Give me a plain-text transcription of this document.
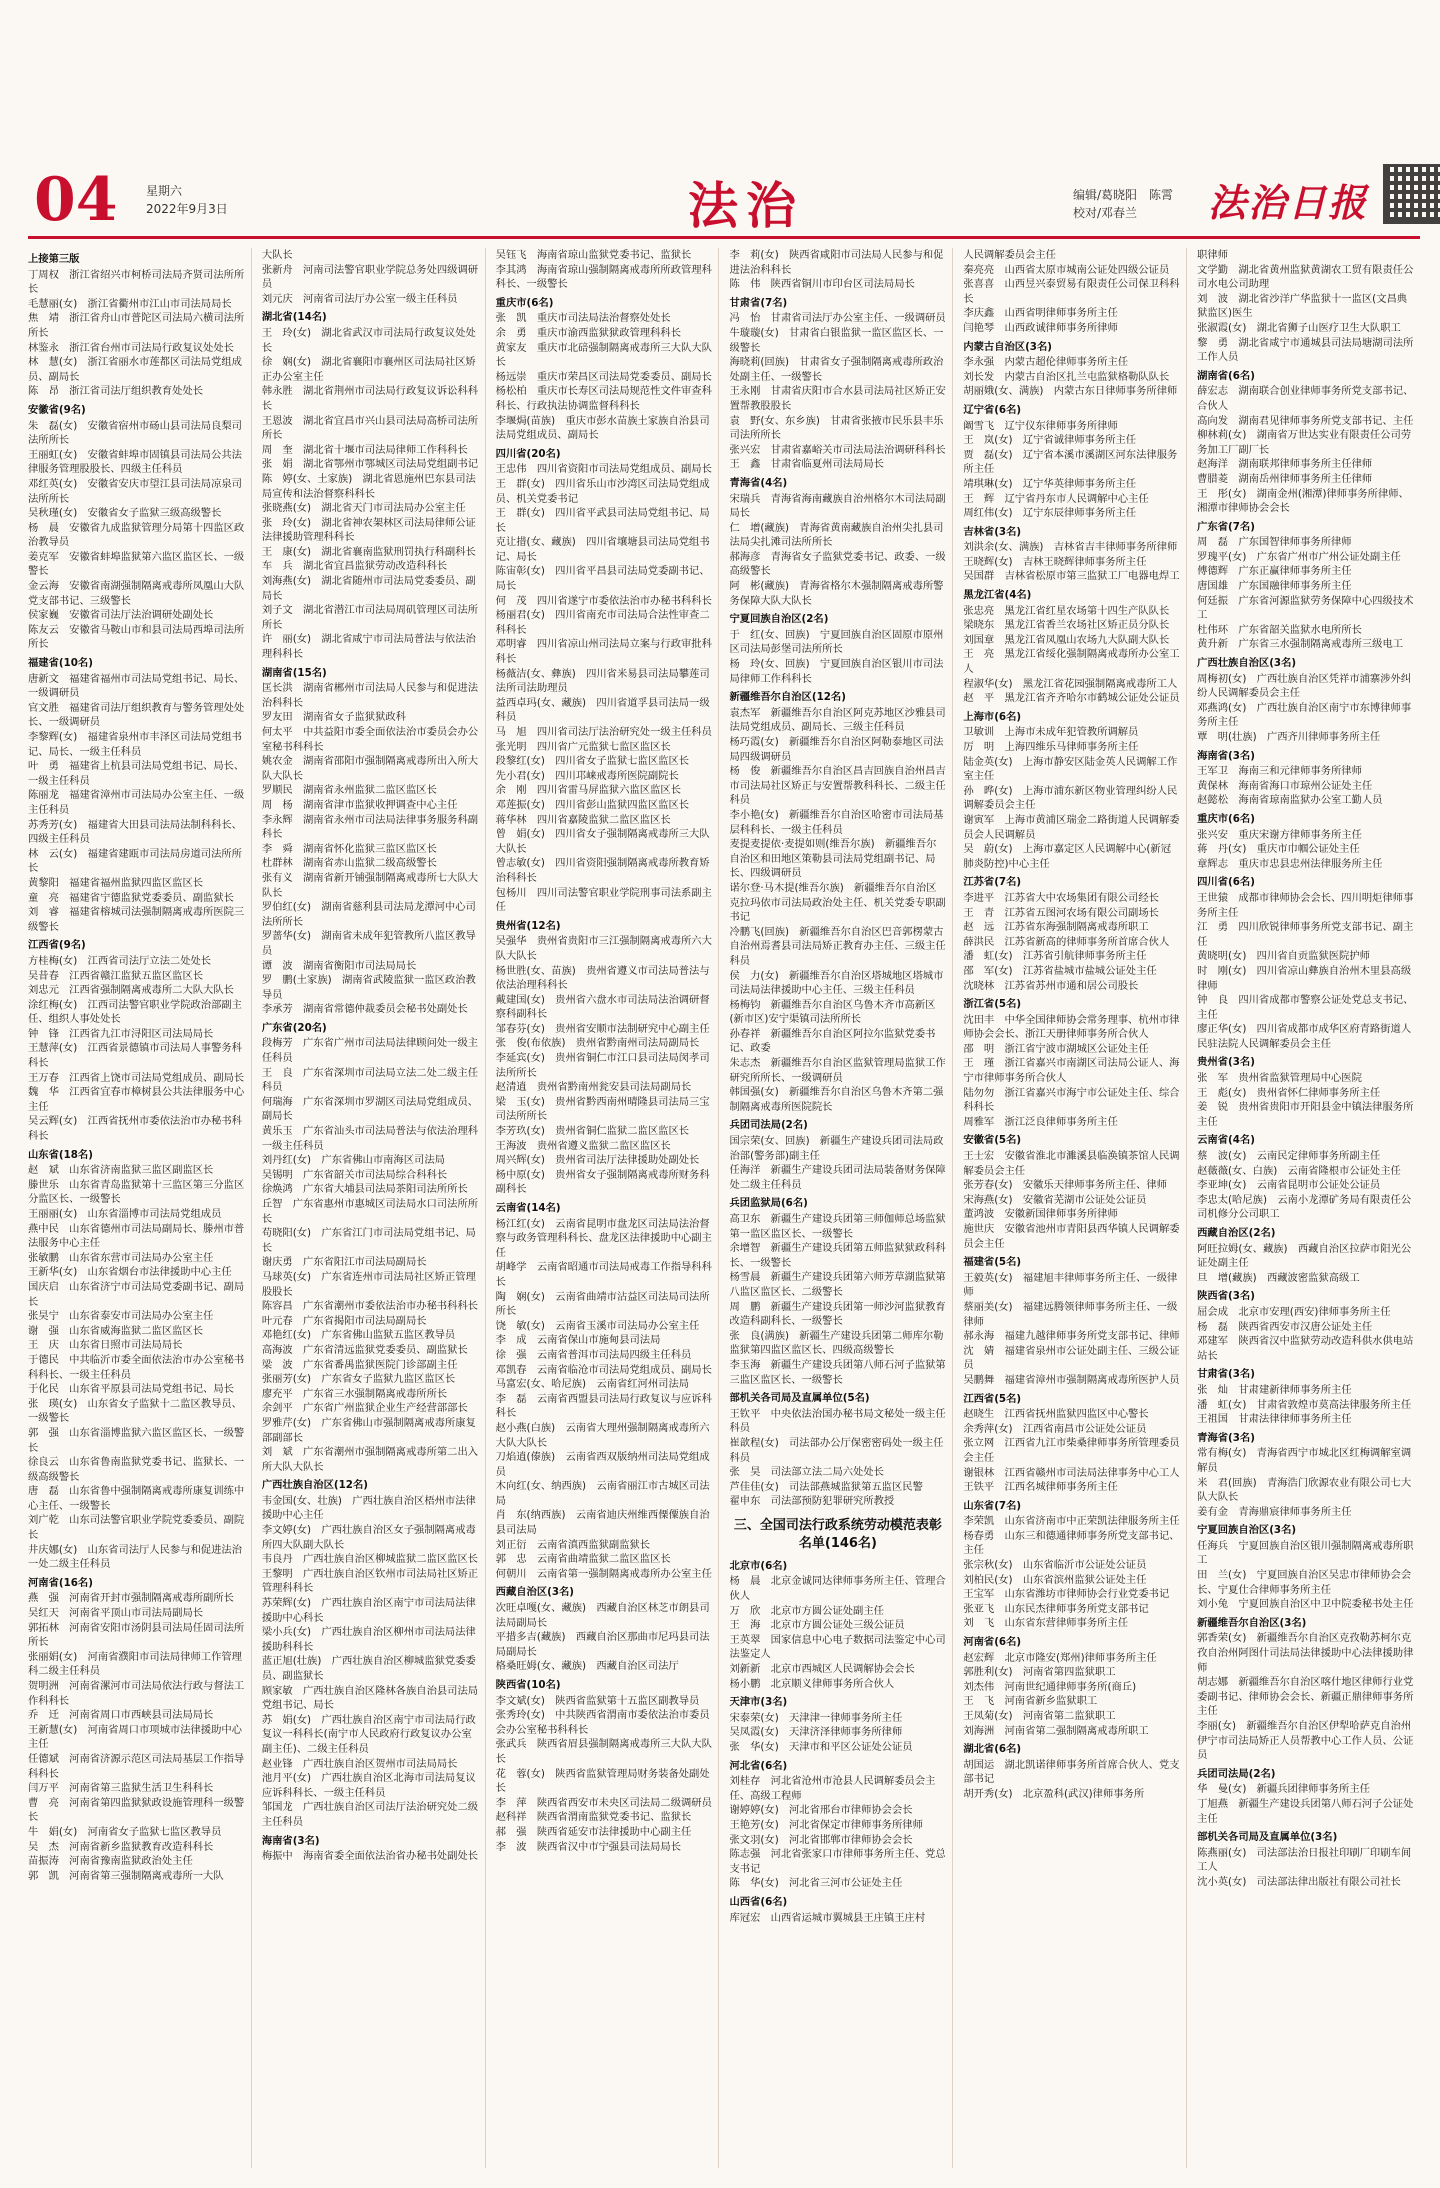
04 星期六
2022年9月3日	法治	编辑/葛晓阳　陈霄
校对/邓春兰	法治日报
上接第三版
丁周权　浙江省绍兴市柯桥司法局齐贤司法所所长
毛慧丽(女)　浙江省衢州市江山市司法局局长
焦　靖　浙江省舟山市普陀区司法局六横司法所所长
林鉴永　浙江省台州市司法局行政复议处处长
林　慧(女)　浙江省丽水市莲都区司法局党组成员、副局长
陈　昂　浙江省司法厅组织教育处处长
安徽省(9名)
朱　磊(女)　安徽省宿州市砀山县司法局良梨司法所所长
王丽虹(女)　安徽省蚌埠市固镇县司法局公共法律服务管理股股长、四级主任科员
邓红英(女)　安徽省安庆市望江县司法局凉泉司法所所长
吴秋瑾(女)　安徽省女子监狱三级高级警长
杨　晨　安徽省九成监狱管理分局第十四监区政治教导员
姜克军　安徽省蚌埠监狱第六监区监区长、一级警长
金云海　安徽省南湖强制隔离戒毒所凤凰山大队党支部书记、三级警长
侯家巍　安徽省司法厅法治调研处副处长
陈友云　安徽省马鞍山市和县司法局西埠司法所所长
福建省(10名)
唐新文　福建省福州市司法局党组书记、局长、一级调研员
官文胜　福建省司法厅组织教育与警务管理处处长、一级调研员
李黎辉(女)　福建省泉州市丰泽区司法局党组书记、局长、一级主任科员
叶　勇　福建省上杭县司法局党组书记、局长、一级主任科员
陈丽龙　福建省漳州市司法局办公室主任、一级主任科员
苏秀芳(女)　福建省大田县司法局法制科科长、四级主任科员
林　云(女)　福建省建瓯市司法局房道司法所所长
黄黎阳　福建省福州监狱四监区监区长
童　亮　福建省宁德监狱党委委员、副监狱长
刘　睿　福建省榕城司法强制隔离戒毒所医院三级警长
江西省(9名)
方桂梅(女)　江西省司法厅立法二处处长
吴昔春　江西省赣江监狱五监区监区长
刘忠元　江西省强制隔离戒毒所二大队大队长
涂红梅(女)　江西司法警官职业学院政治部副主任、组织人事处处长
钟　锋　江西省九江市浔阳区司法局局长
王慧萍(女)　江西省景德镇市司法局人事警务科科长
王万春　江西省上饶市司法局党组成员、副局长
魏　华　江西省宜春市樟树县公共法律服务中心主任
吴云辉(女)　江西省抚州市委依法治市办秘书科科长
山东省(18名)
赵　斌　山东省济南监狱三监区副监区长
滕世乐　山东省青岛监狱第十三监区第三分监区分监区长、一级警长
王丽丽(女)　山东省淄博市司法局党组成员
燕中民　山东省德州市司法局副局长、滕州市普法服务中心主任
张敏鹏　山东省东营市司法局办公室主任
王新华(女)　山东省烟台市法律援助中心主任
国庆启　山东省济宁市司法局党委副书记、副局长
张昊宁　山东省泰安市司法局办公室主任
谢　强　山东省威海监狱二监区监区长
王　庆　山东省日照市司法局局长
于德民　中共临沂市委全面依法治市办公室秘书科科长、一级主任科员
于化民　山东省平原县司法局党组书记、局长
张　瑛(女)　山东省女子监狱十二监区教导员、一级警长
郭　强　山东省淄博监狱六监区监区长、一级警长
徐良云　山东省鲁南监狱党委书记、监狱长、一级高级警长
唐　磊　山东省鲁中强制隔离戒毒所康复训练中心主任、一级警长
刘广乾　山东司法警官职业学院党委委员、副院长
井庆娜(女)　山东省司法厅人民参与和促进法治一处二级主任科员
河南省(16名)
燕　强　河南省开封市强制隔离戒毒所副所长
吴红天　河南省平顶山市司法局副局长
郭拓林　河南省安阳市汤阴县司法局任固司法所所长
张丽娟(女)　河南省濮阳市司法局律师工作管理科二级主任科员
贺明洲　河南省漯河市司法局依法行政与督法工作科科长
乔　迁　河南省周口市西峡县司法局局长
王新慧(女)　河南省周口市项城市法律援助中心主任
任德斌　河南省济源示范区司法局基层工作指导科科长
闫万平　河南省第三监狱生活卫生科科长
曹　亮　河南省第四监狱狱政设施管理科一级警长
牛　娟(女)　河南省女子监狱七监区教导员
吴　杰　河南省新乡监狱教育改造科科长
苗振涛　河南省豫南监狱政治处主任
郭　凯　河南省第三强制隔离戒毒所一大队
大队长
张新舟　河南司法警官职业学院总务处四级调研员
刘元庆　河南省司法厅办公室一级主任科员
湖北省(14名)
王　玲(女)　湖北省武汉市司法局行政复议处处长
徐　娴(女)　湖北省襄阳市襄州区司法局社区矫正办公室主任
韩永胜　湖北省荆州市司法局行政复议诉讼科科长
王恩波　湖北省宜昌市兴山县司法局高桥司法所所长
周　奎　湖北省十堰市司法局律师工作科科长
张　娟　湖北省鄂州市鄂城区司法局党组副书记
陈　婷(女、土家族)　湖北省恩施州巴东县司法局宣传和法治督察科科长
张晓燕(女)　湖北省天门市司法局办公室主任
张　玲(女)　湖北省神农架林区司法局律师公证法律援助管理科科长
王　康(女)　湖北省襄南监狱刑罚执行科副科长
车　兵　湖北省宜昌监狱劳动改造科科长
刘海燕(女)　湖北省随州市司法局党委委员、副局长
刘子文　湖北省潜江市司法局周矶管理区司法所所长
许　丽(女)　湖北省咸宁市司法局普法与依法治理科科长
湖南省(15名)
匡长洪　湖南省郴州市司法局人民参与和促进法治科科长
罗友田　湖南省女子监狱狱政科
何太平　中共益阳市委全面依法治市委员会办公室秘书科科长
姚农金　湖南省邵阳市强制隔离戒毒所出入所大队大队长
罗顺民　湖南省永州监狱二监区监区长
周　杨　湖南省津市监狱收押调查中心主任
李永辉　湖南省永州市司法局法律事务服务科副科长
李　舜　湖南省怀化监狱三监区监区长
杜群林　湖南省赤山监狱二级高级警长
张有义　湖南省新开铺强制隔离戒毒所七大队大队长
罗伯红(女)　湖南省慈利县司法局龙潭河中心司法所所长
罗蔷华(女)　湖南省未成年犯管教所八监区教导员
谭　波　湖南省衡阳市司法局局长
罗　鹏(土家族)　湖南省武陵监狱一监区政治教导员
李承芳　湖南省常德仲裁委员会秘书处副处长
广东省(20名)
段梅芳　广东省广州市司法局法律顾问处一级主任科员
王　良　广东省深圳市司法局立法二处二级主任科员
何瑞海　广东省深圳市罗湖区司法局党组成员、副局长
黄乐玉　广东省汕头市司法局普法与依法治理科一级主任科员
刘丹红(女)　广东省佛山市南海区司法局
吴锡明　广东省韶关市司法局综合科科长
徐焕鸿　广东省大埔县司法局茶阳司法所所长
丘智　广东省惠州市惠城区司法局水口司法所所长
苟晓阳(女)　广东省江门市司法局党组书记、局长
谢庆勇　广东省阳江市司法局副局长
马球英(女)　广东省连州市司法局社区矫正管理股股长
陈容昌　广东省潮州市委依法治市办秘书科科长
叶元春　广东省揭阳市司法局副局长
邓艳红(女)　广东省佛山监狱五监区教导员
高海波　广东省清远监狱党委委员、副监狱长
梁　波　广东省番禺监狱医院门诊部副主任
张丽芳(女)　广东省女子监狱九监区监区长
廖充平　广东省三水强制隔离戒毒所所长
余剑平　广东省广州监狱企业生产经营部部长
罗雅芹(女)　广东省佛山市强制隔离戒毒所康复部副部长
刘　斌　广东省潮州市强制隔离戒毒所第二出入所大队大队长
广西壮族自治区(12名)
韦金国(女、壮族)　广西壮族自治区梧州市法律援助中心主任
李文婷(女)　广西壮族自治区女子强制隔离戒毒所四大队副大队长
韦良丹　广西壮族自治区柳城监狱二监区监区长
王黎明　广西壮族自治区钦州市司法局社区矫正管理科科长
苏荣辉(女)　广西壮族自治区南宁市司法局法律援助中心科长
梁小兵(女)　广西壮族自治区柳州市司法局法律援助科科长
蓝正旭(壮族)　广西壮族自治区柳城监狱党委委员、副监狱长
顾家敏　广西壮族自治区隆林各族自治县司法局党组书记、局长
苏　娟(女)　广西壮族自治区南宁市司法局行政复议一科科长(南宁市人民政府行政复议办公室副主任)、二级主任科员
赵业锋　广西壮族自治区贺州市司法局局长
池月平(女)　广西壮族自治区北海市司法局复议应诉科科长、一级主任科员
邹国龙　广西壮族自治区司法厅法治研究处二级主任科员
海南省(3名)
梅振中　海南省委全面依法治省办秘书处副处长
吴钰飞　海南省琼山监狱党委书记、监狱长
李其鸿　海南省琼山强制隔离戒毒所所政管理科科长、一级警长
重庆市(6名)
张　凯　重庆市司法局法治督察处处长
余　勇　重庆市渝西监狱狱政管理科科长
黄家友　重庆市北碚强制隔离戒毒所三大队大队长
杨远崇　重庆市荣昌区司法局党委委员、副局长
杨松柏　重庆市长寿区司法局规范性文件审查科科长、行政执法协调监督科科长
李堰焗(苗族)　重庆市彭水苗族土家族自治县司法局党组成员、副局长
四川省(20名)
王忠伟　四川省资阳市司法局党组成员、副局长
王　群(女)　四川省乐山市沙湾区司法局党组成员、机关党委书记
王　群(女)　四川省平武县司法局党组书记、局长
克让措(女、藏族)　四川省壤塘县司法局党组书记、局长
陈宙彰(女)　四川省平昌县司法局党委副书记、局长
何　茂　四川省遂宁市委依法治市办秘书科科长
杨丽君(女)　四川省南充市司法局合法性审查二科科长
邓明睿　四川省凉山州司法局立案与行政审批科科长
杨薇洁(女、彝族)　四川省米易县司法局攀莲司法所司法助理员
益西卓玛(女、藏族)　四川省道孚县司法局一级科员
马　旭　四川省司法厅法治研究处一级主任科员
张光明　四川省广元监狱七监区监区长
段黎红(女)　四川省女子监狱七监区监区长
先小君(女)　四川邛崃戒毒所医院副院长
余　刚　四川省雷马屏监狱六监区监区长
邓莲振(女)　四川省彭山监狱四监区监区长
蒋华林　四川省嘉陵监狱二监区监区长
曾　娟(女)　四川省女子强制隔离戒毒所三大队大队长
曾志敏(女)　四川省资阳强制隔离戒毒所教育矫治科科长
包杨川　四川司法警官职业学院刑事司法系副主任
贵州省(12名)
吴强华　贵州省贵阳市三江强制隔离戒毒所六大队大队长
杨世胜(女、苗族)　贵州省遵义市司法局普法与依法治理科科长
戴建国(女)　贵州省六盘水市司法局法治调研督察科副科长
邹春芬(女)　贵州省安顺市法制研究中心副主任
张　俊(布依族)　贵州省黔南州司法局副局长
李延宾(女)　贵州省铜仁市江口县司法局闵孝司法所所长
赵清逍　贵州省黔南州瓮安县司法局副局长
梁　玉(女)　贵州省黔西南州晴隆县司法局三宝司法所所长
李芳玖(女)　贵州省铜仁监狱二监区监区长
王海波　贵州省遵义监狱二监区监区长
周兴辉(女)　贵州省司法厅法律援助处副处长
杨中原(女)　贵州省女子强制隔离戒毒所财务科副科长
云南省(14名)
杨江红(女)　云南省昆明市盘龙区司法局法治督察与政务管理科科长、盘龙区法律援助中心副主任
胡峰学　云南省昭通市司法局戒毒工作指导科科长
陶　娴(女)　云南省曲靖市沾益区司法局司法所所长
饶　敏(女)　云南省玉溪市司法局办公室主任
李　成　云南省保山市施甸县司法局
徐　强　云南省普洱市司法局四级主任科员
邓凯春　云南省临沧市司法局党组成员、副局长
马富宏(女、哈尼族)　云南省红河州司法局
李　磊　云南省西盟县司法局行政复议与应诉科科长
赵小燕(白族)　云南省大理州强制隔离戒毒所六大队大队长
刀焰逍(傣族)　云南省西双版纳州司法局党组成员
木向红(女、纳西族)　云南省丽江市古城区司法局
肖　东(纳西族)　云南省迪庆州维西傈僳族自治县司法局
刘正衍　云南省滇西监狱副监狱长
郭　忠　云南省曲靖监狱二监区监区长
何朝川　云南省第一强制隔离戒毒所办公室主任
西藏自治区(3名)
次旺卓嘎(女、藏族)　西藏自治区林芝市朗县司法局副局长
平措多吉(藏族)　西藏自治区那曲市尼玛县司法局副局长
格桑旺姆(女、藏族)　西藏自治区司法厅
陕西省(10名)
李文斌(女)　陕西省监狱第十五监区副教导员
张秀玲(女)　中共陕西省渭南市委依法治市委员会办公室秘书科科长
张武兵　陕西省眉县强制隔离戒毒所三大队大队长
花　蓉(女)　陕西省监狱管理局财务装备处副处长
李　萍　陕西省西安市未央区司法局二级调研员
赵科祥　陕西省渭南监狱党委书记、监狱长
郝　强　陕西省延安市法律援助中心副主任
李　波　陕西省汉中市宁强县司法局局长
李　莉(女)　陕西省咸阳市司法局人民参与和促进法治科科长
陈　伟　陕西省铜川市印台区司法局局长
甘肃省(7名)
冯　怡　甘肃省司法厅办公室主任、一级调研员
牛璇璇(女)　甘肃省白银监狱一监区监区长、一级警长
海晓莉(回族)　甘肃省女子强制隔离戒毒所政治处副主任、一级警长
王永刚　甘肃省庆阳市合水县司法局社区矫正安置帮教股股长
袁　野(女、东乡族)　甘肃省张掖市民乐县丰乐司法所所长
张兴宏　甘肃省嘉峪关市司法局法治调研科科长
王　鑫　甘肃省临夏州司法局局长
青海省(4名)
宋瑞兵　青海省海南藏族自治州格尔木司法局副局长
仁　增(藏族)　青海省黄南藏族自治州尖扎县司法局尖扎滩司法所所长
郝海彦　青海省女子监狱党委书记、政委、一级高级警长
阿　彬(藏族)　青海省格尔木强制隔离戒毒所警务保障大队大队长
宁夏回族自治区(2名)
于　红(女、回族)　宁夏回族自治区固原市原州区司法局彭堡司法所所长
杨　玲(女、回族)　宁夏回族自治区银川市司法局律师工作科科长
新疆维吾尔自治区(12名)
袁杰军　新疆维吾尔自治区阿克苏地区沙雅县司法局党组成员、副局长、三级主任科员
杨巧霞(女)　新疆维吾尔自治区阿勒泰地区司法局四级调研员
杨　俊　新疆维吾尔自治区昌吉回族自治州昌吉市司法局社区矫正与安置帮教科科长、二级主任科员
李小艳(女)　新疆维吾尔自治区哈密市司法局基层科科长、一级主任科员
麦提麦提依·麦提如则(维吾尔族)　新疆维吾尔自治区和田地区策勒县司法局党组副书记、局长、四级调研员
诺尔登·马木提(维吾尔族)　新疆维吾尔自治区克拉玛依市司法局政治处主任、机关党委专职副书记
冷鹏飞(回族)　新疆维吾尔自治区巴音郭楞蒙古自治州焉耆县司法局矫正教育办主任、三级主任科员
侯　力(女)　新疆维吾尔自治区塔城地区塔城市司法局法律援助中心主任、三级主任科员
杨梅钧　新疆维吾尔自治区乌鲁木齐市高新区(新市区)安宁渠镇司法所所长
孙春祥　新疆维吾尔自治区阿拉尔监狱党委书记、政委
朱志杰　新疆维吾尔自治区监狱管理局监狱工作研究所所长、一级调研员
韩国强(女)　新疆维吾尔自治区乌鲁木齐第二强制隔离戒毒所医院院长
兵团司法局(2名)
国宗荣(女、回族)　新疆生产建设兵团司法局政治部(警务部)副主任
任海洋　新疆生产建设兵团司法局装备财务保障处二级主任科员
兵团监狱局(6名)
高卫东　新疆生产建设兵团第三师伽师总场监狱第一监区监区长、一级警长
余增智　新疆生产建设兵团第五师监狱狱政科科长、一级警长
杨雪晨　新疆生产建设兵团第六师芳草湖监狱第八监区监区长、二级警长
周　鹏　新疆生产建设兵团第一师沙河监狱教育改造科副科长、一级警长
张　良(满族)　新疆生产建设兵团第二师库尔勒监狱第四监区监区长、四级高级警长
李玉海　新疆生产建设兵团第八师石河子监狱第三监区监区长、一级警长
部机关各司局及直属单位(5名)
王钦平　中央依法治国办秘书局文秘处一级主任科员
崔歆程(女)　司法部办公厅保密密码处一级主任科员
张　昊　司法部立法二局六处处长
芦佳佳(女)　司法部燕城监狱第五监区民警
翟申东　司法部预防犯罪研究所教授
三、全国司法行政系统劳动模范表彰名单(146名)
北京市(6名)
杨　晨　北京金诚同达律师事务所主任、管理合伙人
万　欣　北京市方圆公证处副主任
王　海　北京市方圆公证处三级公证员
王英翠　国家信息中心电子数据司法鉴定中心司法鉴定人
刘新新　北京市西城区人民调解协会会长
杨小鹏　北京顺义律师事务所合伙人
天津市(3名)
宋泰荣(女)　天津津一律师事务所主任
吴凤霞(女)　天津济泽律师事务所律师
张　华(女)　天津市和平区公证处公证员
河北省(6名)
刘桂存　河北省沧州市沧县人民调解委员会主任、高级工程师
谢婷婷(女)　河北省邢台市律师协会会长
王艳芳(女)　河北省保定市律师事务所律师
张文羽(女)　河北省邯郸市律师协会会长
陈志强　河北省张家口市律师事务所主任、党总支书记
陈　华(女)　河北省三河市公证处主任
山西省(6名)
库冠宏　山西省运城市翼城县王庄镇王庄村
人民调解委员会主任
秦亮亮　山西省太原市城南公证处四级公证员
张喜喜　山西昱兴泰贸易有限责任公司保卫科科长
李庆鑫　山西省明律师事务所主任
闫艳琴　山西政诚律师事务所律师
内蒙古自治区(3名)
李永强　内蒙古超伦律师事务所主任
刘长发　内蒙古自治区扎兰屯监狱格勒队队长
胡丽娥(女、满族)　内蒙古东日律师事务所律师
辽宁省(6名)
阚雪飞　辽宁仪东律师事务所律师
王　岚(女)　辽宁省诚律师事务所主任
贾　磊(女)　辽宁省本溪市溪湖区河东法律服务所主任
靖琪琳(女)　辽宁华英律师事务所主任
王　辉　辽宁省丹东市人民调解中心主任
周红伟(女)　辽宁东辰律师事务所主任
吉林省(3名)
刘洪余(女、满族)　吉林省吉丰律师事务所律师
王晓辉(女)　吉林王晓辉律师事务所主任
吴国群　吉林省松原市第三监狱工厂电器电焊工
黑龙江省(4名)
张忠亮　黑龙江省红星农场第十四生产队队长
梁晓东　黑龙江省香兰农场社区矫正员分队长
刘国章　黑龙江省凤凰山农场九大队副大队长
王　亮　黑龙江省绥化强制隔离戒毒所办公室工人
程淑华(女)　黑龙江省花园强制隔离戒毒所工人
赵　平　黑龙江省齐齐哈尔市鹤城公证处公证员
上海市(6名)
卫敏训　上海市未成年犯管教所调解员
厉　明　上海四维乐马律师事务所主任
陆金英(女)　上海市静安区陆金英人民调解工作室主任
孙　晔(女)　上海市浦东新区物业管理纠纷人民调解委员会主任
谢寅军　上海市黄浦区瑞金二路街道人民调解委员会人民调解员
吴　蔚(女)　上海市嘉定区人民调解中心(新冠肺炎防控)中心主任
江苏省(7名)
李进平　江苏省大中农场集团有限公司经长
王　青　江苏省五图河农场有限公司副场长
赵　远　江苏省东海强制隔离戒毒所职工
薛洪民　江苏省新高的律师事务所首席合伙人
潘　虹(女)　江苏省引航律师事务所主任
邵　军(女)　江苏省盐城市盐城公证处主任
沈晓林　江苏省苏州市通和居公司股长
浙江省(5名)
沈田丰　中华全国律师协会常务理事、杭州市律师协会会长、浙江天册律师事务所合伙人
邵　明　浙江省宁波市湖城区公证处主任
王　瑾　浙江省嘉兴市南湖区司法局公证人、海宁市律师事务所合伙人
陆勿勿　浙江省嘉兴市海宁市公证处主任、综合科科长
周雅军　浙江泛良律师事务所主任
安徽省(5名)
王士宏　安徽省淮北市濉溪县临涣镇茶馆人民调解委员会主任
张芳春(女)　安徽乐天律师事务所主任、律师
宋海燕(女)　安徽省芜湖市公证处公证员
董鸿波　安徽新国律师事务所律师
施世庆　安徽省池州市青阳县西华镇人民调解委员会主任
福建省(5名)
王毅英(女)　福建旭丰律师事务所主任、一级律师
蔡丽美(女)　福建远腾领律师事务所主任、一级律师
郝永海　福建九越律师事务所党支部书记、律师
沈　婧　福建省泉州市公证处副主任、三级公证员
吴鹏舞　福建省漳州市强制隔离戒毒所医护人员
江西省(5名)
赵晓生　江西省抚州监狱四监区中心警长
余秀萍(女)　江西省南昌市公证处公证员
张立网　江西省九江市柴桑律师事务所管理委员会主任
谢银林　江西省赣州市司法局法律事务中心工人
王铁平　江西名城律师事务所主任
山东省(7名)
李荣凯　山东省济南市中正荣凯法律服务所主任
杨春勇　山东三和德通律师事务所党支部书记、主任
张宗秋(女)　山东省临沂市公证处公证员
刘柏民(女)　山东省滨州监狱公证处主任
王宝军　山东省潍坊市律师协会行业党委书记
张亚飞　山东民杰律师事务所党支部书记
刘　飞　山东省东营律师事务所主任
河南省(6名)
赵宏辉　北京市隆安(郑州)律师事务所主任
郭胜利(女)　河南省第四监狱职工
刘杰伟　河南世纪通律师事务所(商丘)
王　飞　河南省新乡监狱职工
王凤菊(女)　河南省第二监狱职工
刘海洲　河南省第二强制隔离戒毒所职工
湖北省(6名)
胡国运　湖北凯诺律师事务所首席合伙人、党支部书记
胡开秀(女)　北京盈科(武汉)律师事务所
职律师
文学勤　湖北省黄州监狱黄湖农工贸有限责任公司水电公司助理
刘　波　湖北省沙洋广华监狱十一监区(文昌典狱监区)医生
张淑霞(女)　湖北省狮子山医疗卫生大队职工
黎　勇　湖北省咸宁市通城县司法局塘湖司法所工作人员
湖南省(6名)
薛宏志　湖南联合创业律师事务所党支部书记、合伙人
高向发　湖南君见律师事务所党支部书记、主任
柳林莉(女)　湖南省万世达实业有限责任公司劳务加工厂副厂长
赵海洋　湖南联邦律师事务所主任律师
曹腊菱　湖南岳州律师事务所主任律师
王　彤(女)　湖南金州(湘潭)律师事务所律师、湘潭市律师协会会长
广东省(7名)
周　磊　广东国智律师事务所律师
罗瑰平(女)　广东省广州市广州公证处副主任
傅德辉　广东正赢律师事务所主任
唐国雄　广东国融律师事务所主任
何廷振　广东省河源监狱劳务保障中心四级技术工
杜伟环　广东省韶关监狱水电所所长
黄升新　广东省三水强制隔离戒毒所三级电工
广西壮族自治区(3名)
周梅初(女)　广西壮族自治区凭祥市浦寨涉外纠纷人民调解委员会主任
邓燕鸿(女)　广西壮族自治区南宁市东博律师事务所主任
覃　明(壮族)　广西齐川律师事务所主任
海南省(3名)
王军卫　海南三和元律师事务所律师
黄保林　海南省海口市琼州公证处主任
赵懿松　海南省琼南监狱办公室工勤人员
重庆市(6名)
张兴安　重庆宋谢方律师事务所主任
蒋　丹(女)　重庆市巾帼公证处主任
章辉志　重庆市忠县忠州法律服务所主任
四川省(6名)
王世猿　成都市律师协会会长、四川明炬律师事务所主任
江　勇　四川欣锐律师事务所党支部书记、副主任
黄晓明(女)　四川省自贡监狱医院护师
时　刚(女)　四川省凉山彝族自治州木里县高级律师
钟　良　四川省成都市警察公证处党总支书记、主任
廖正华(女)　四川省成都市成华区府青路街道人民驻法院人民调解委员会主任
贵州省(3名)
张　军　贵州省监狱管理局中心医院
王　彪(女)　贵州省怀仁律师事务所主任
姜　锐　贵州省贵阳市开阳县金中镇法律服务所主任
云南省(4名)
蔡　波(女)　云南民定律师事务所副主任
赵薇薇(女、白族)　云南省隆根市公证处主任
李亚坤(女)　云南省昆明市公证处公证员
李忠太(哈尼族)　云南小龙潭矿务局有限责任公司机修分公司职工
西藏自治区(2名)
阿旺拉姆(女、藏族)　西藏自治区拉萨市阳光公证处副主任
旦　增(藏族)　西藏波密监狱高级工
陕西省(3名)
屈会成　北京市安理(西安)律师事务所主任
杨　磊　陕西省西安市汉唐公证处主任
邓建军　陕西省汉中监狱劳动改造科供水供电站站长
甘肃省(3名)
张　灿　甘肃建新律师事务所主任
潘　虹(女)　甘肃省敦煌市莫高法律服务所主任
王祖国　甘肃法律律师事务所主任
青海省(3名)
常有梅(女)　青海省西宁市城北区红梅调解室调解员
米　君(回族)　青海浩门欣源农业有限公司七大队大队长
姜有金　青海鼎宸律师事务所主任
宁夏回族自治区(3名)
任海兵　宁夏回族自治区银川强制隔离戒毒所职工
田　兰(女)　宁夏回族自治区吴忠市律师协会会长、宁夏仕合律师事务所主任
刘小兔　宁夏回族自治区中卫中院委秘书处主任
新疆维吾尔自治区(3名)
郭香荣(女)　新疆维吾尔自治区克孜勒苏柯尔克孜自治州阿图什司法局法律援助中心法律援助律师
胡志娜　新疆维吾尔自治区喀什地区律师行业党委副书记、律师协会会长、新疆正鼎律师事务所主任
李丽(女)　新疆维吾尔自治区伊犁哈萨克自治州伊宁市司法局矫正人员帮教中心工作人员、公证员
兵团司法局(2名)
华　曼(女)　新疆兵团律师事务所主任
丁旭燕　新疆生产建设兵团第八师石河子公证处主任
部机关各司局及直属单位(3名)
陈燕丽(女)　司法部法治日报社印刷厂印刷车间工人
沈小英(女)　司法部法律出版社有限公司社长
